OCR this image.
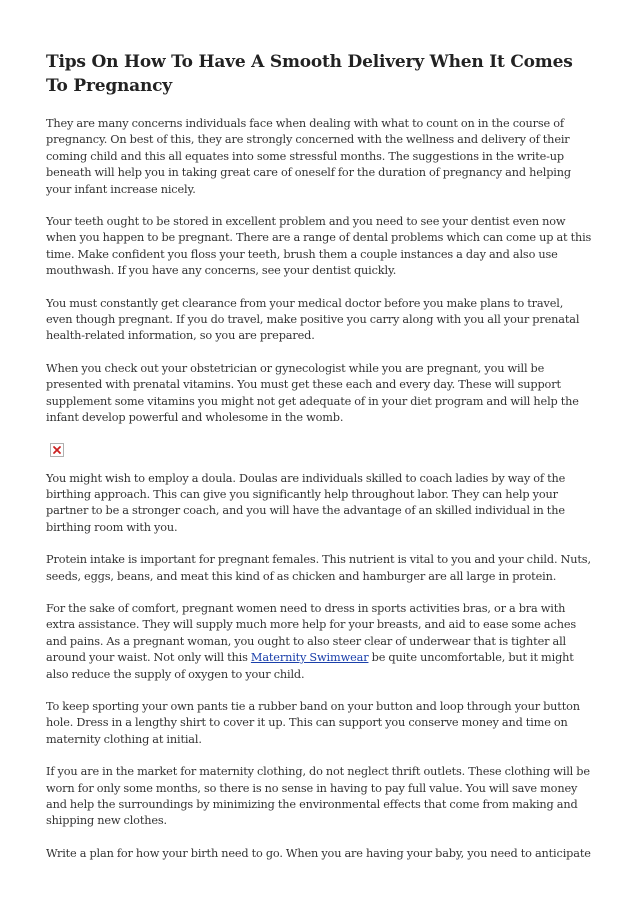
Tips On How To Have A Smooth Delivery When It Comes To Pregnancy

They are many concerns individuals face when dealing with what to count on in the course of pregnancy. On best of this, they are strongly concerned with the wellness and delivery of their coming child and this all equates into some stressful months. The suggestions in the write-up beneath will help you in taking great care of oneself for the duration of pregnancy and helping your infant increase nicely.

Your teeth ought to be stored in excellent problem and you need to see your dentist even now when you happen to be pregnant. There are a range of dental problems which can come up at this time. Make confident you floss your teeth, brush them a couple instances a day and also use mouthwash. If you have any concerns, see your dentist quickly.

You must constantly get clearance from your medical doctor before you make plans to travel, even though pregnant. If you do travel, make positive you carry along with you all your prenatal health-related information, so you are prepared.

When you check out your obstetrician or gynecologist while you are pregnant, you will be presented with prenatal vitamins. You must get these each and every day. These will support supplement some vitamins you might not get adequate of in your diet program and will help the infant develop powerful and wholesome in the womb.

You might wish to employ a doula. Doulas are individuals skilled to coach ladies by way of the birthing approach. This can give you significantly help throughout labor. They can help your partner to be a stronger coach, and you will have the advantage of an skilled individual in the birthing room with you.

Protein intake is important for pregnant females. This nutrient is vital to you and your child. Nuts, seeds, eggs, beans, and meat this kind of as chicken and hamburger are all large in protein.

For the sake of comfort, pregnant women need to dress in sports activities bras, or a bra with extra assistance. They will supply much more help for your breasts, and aid to ease some aches and pains. As a pregnant woman, you ought to also steer clear of underwear that is tighter all around your waist. Not only will this Maternity Swimwear be quite uncomfortable, but it might also reduce the supply of oxygen to your child.

To keep sporting your own pants tie a rubber band on your button and loop through your button hole. Dress in a lengthy shirt to cover it up. This can support you conserve money and time on maternity clothing at initial.

If you are in the market for maternity clothing, do not neglect thrift outlets. These clothing will be worn for only some months, so there is no sense in having to pay full value. You will save money and help the surroundings by minimizing the environmental effects that come from making and shipping new clothes.

Write a plan for how your birth need to go. When you are having your baby, you need to anticipate
